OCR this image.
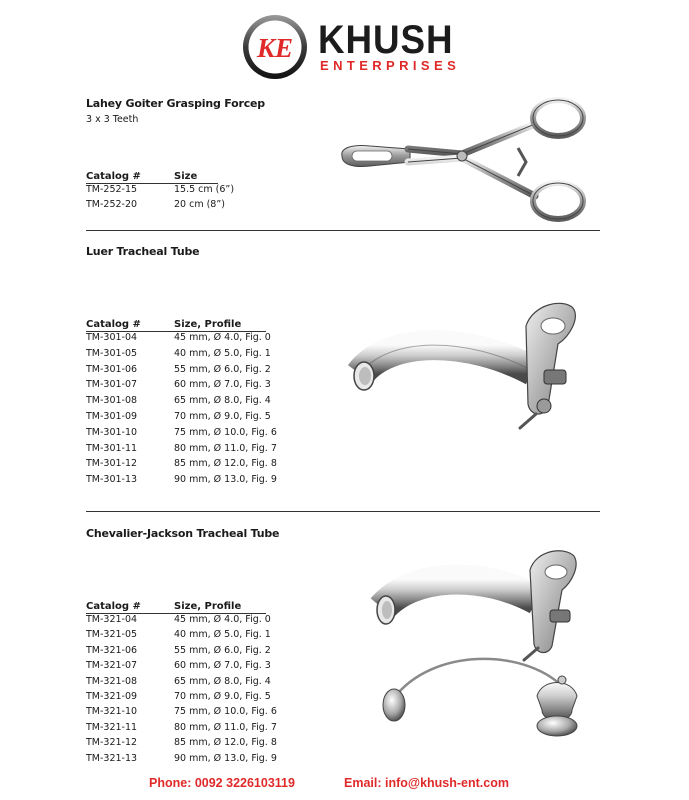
KE KHUSH
ENTERPRISES
Lahey Goiter Grasping Forcep
3 x 3 Teeth
Catalog #	Size
TM-252-15	15.5 cm (6”)
TM-252-20	20 cm (8”)
Luer Tracheal Tube
Catalog #	Size, Profile
TM-301-04	45 mm, Ø 4.0, Fig. 0
TM-301-05	40 mm, Ø 5.0, Fig. 1
TM-301-06	55 mm, Ø 6.0, Fig. 2
TM-301-07	60 mm, Ø 7.0, Fig. 3
TM-301-08	65 mm, Ø 8.0, Fig. 4
TM-301-09	70 mm, Ø 9.0, Fig. 5
TM-301-10	75 mm, Ø 10.0, Fig. 6
TM-301-11	80 mm, Ø 11.0, Fig. 7
TM-301-12	85 mm, Ø 12.0, Fig. 8
TM-301-13	90 mm, Ø 13.0, Fig. 9
Chevalier-Jackson Tracheal Tube
Catalog #	Size, Profile
TM-321-04	45 mm, Ø 4.0, Fig. 0
TM-321-05	40 mm, Ø 5.0, Fig. 1
TM-321-06	55 mm, Ø 6.0, Fig. 2
TM-321-07	60 mm, Ø 7.0, Fig. 3
TM-321-08	65 mm, Ø 8.0, Fig. 4
TM-321-09	70 mm, Ø 9.0, Fig. 5
TM-321-10	75 mm, Ø 10.0, Fig. 6
TM-321-11	80 mm, Ø 11.0, Fig. 7
TM-321-12	85 mm, Ø 12.0, Fig. 8
TM-321-13	90 mm, Ø 13.0, Fig. 9
Phone: 0092 3226103119	Email: info@khush-ent.com
